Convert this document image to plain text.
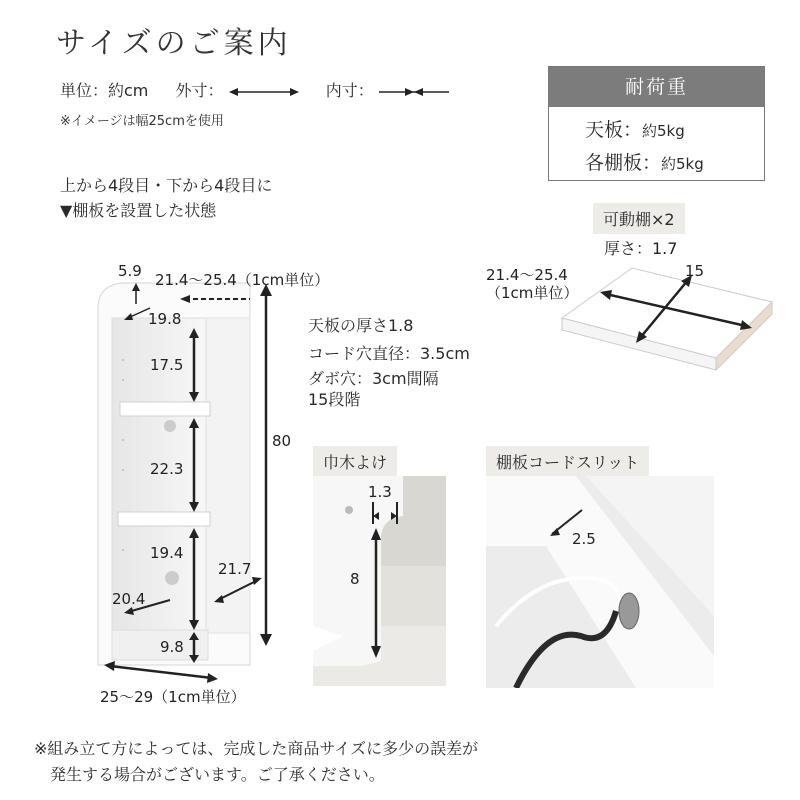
サイズのご案内
単位：約cm 外寸：	内寸：
※イメージは幅25cmを使用
耐荷重
天板：約5kg
各棚板：約5kg
上から4段目・下から4段目に
▼棚板を設置した状態
5.9 21.4〜25.4（1cm単位）
19.8
17.5
22.3
19.4
20.4
9.8
21.7
80
25〜29（1cm単位）
天板の厚さ1.8
コード穴直径：3.5cm
ダボ穴：3cm間隔
15段階
可動棚×2
厚さ：1.7
15
21.4〜25.4
（1cm単位）
巾木よけ
1.3
8
棚板コードスリット
2.5
※組み立て方によっては、完成した商品サイズに多少の誤差が
発生する場合がございます。ご了承ください。
